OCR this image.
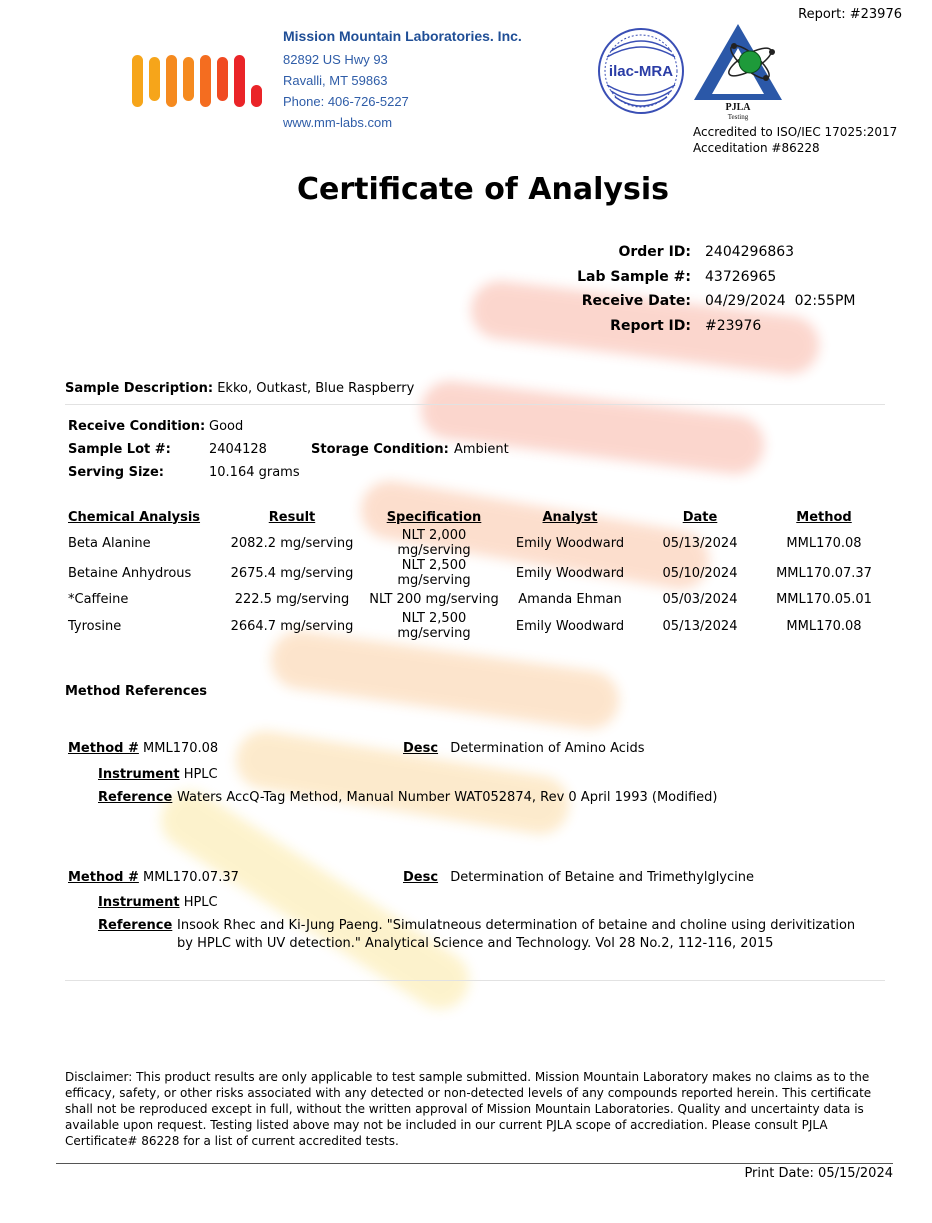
Report: #23976
Mission Mountain Laboratories. Inc.
82892 US Hwy 93
Ravalli, MT 59863
Phone: 406-726-5227
www.mm-labs.com
ilac-MRA
PJLA
Testing
Accredited to ISO/IEC 17025:2017
Acceditation #86228
Certificate of Analysis
Order ID:	2404296863
Lab Sample #:	43726965
Receive Date:	04/29/2024  02:55PM
Report ID:	#23976
Sample Description: Ekko, Outkast, Blue Raspberry
Receive Condition: Good
Sample Lot #:	2404128	Storage Condition: Ambient
Serving Size:	10.164 grams
Chemical Analysis	Result	Specification	Analyst	Date	Method
Beta Alanine	2082.2 mg/serving	NLT 2,000 mg/serving	Emily Woodward	05/13/2024	MML170.08
Betaine Anhydrous	2675.4 mg/serving	NLT 2,500 mg/serving	Emily Woodward	05/10/2024	MML170.07.37
*Caffeine	222.5 mg/serving	NLT 200 mg/serving	Amanda Ehman	05/03/2024	MML170.05.01
Tyrosine	2664.7 mg/serving	NLT 2,500 mg/serving	Emily Woodward	05/13/2024	MML170.08
Method References
Method # MML170.08	Desc Determination of Amino Acids
Instrument HPLC
Reference Waters AccQ-Tag Method, Manual Number WAT052874, Rev 0 April 1993 (Modified)
Method # MML170.07.37	Desc Determination of Betaine and Trimethylglycine
Instrument HPLC
Reference Insook Rhec and Ki-Jung Paeng. "Simulatneous determination of betaine and choline using derivitization by HPLC with UV detection." Analytical Science and Technology. Vol 28 No.2, 112-116, 2015
Disclaimer: This product results are only applicable to test sample submitted. Mission Mountain Laboratory makes no claims as to the efficacy, safety, or other risks associated with any detected or non-detected levels of any compounds reported herein. This certificate shall not be reproduced except in full, without the written approval of Mission Mountain Laboratories. Quality and uncertainty data is available upon request. Testing listed above may not be included in our current PJLA scope of accrediation. Please consult PJLA Certificate# 86228 for a list of current accredited tests.
Print Date: 05/15/2024
